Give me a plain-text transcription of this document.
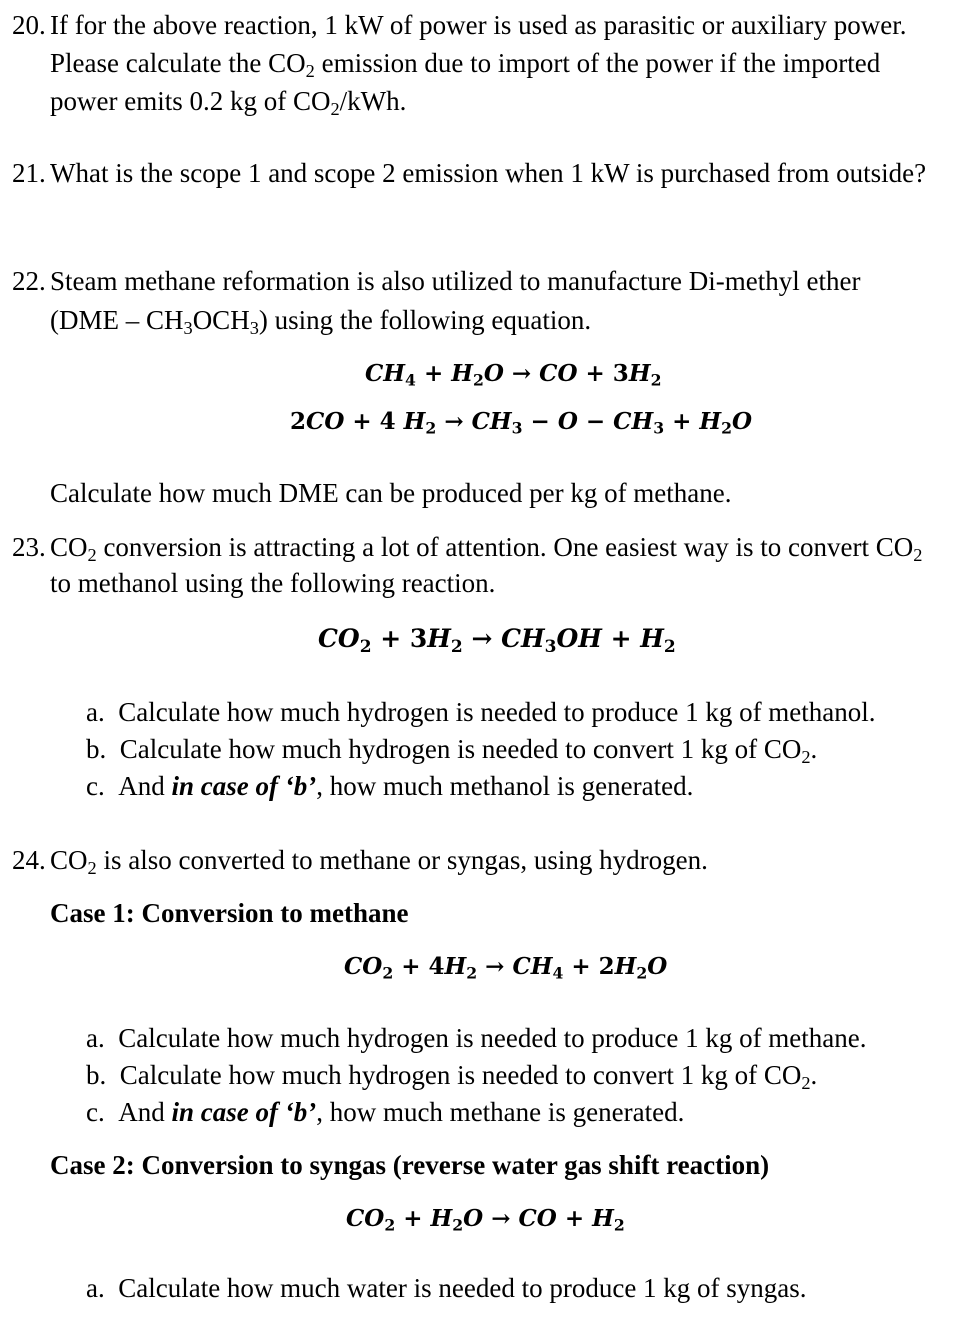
20. If for the above reaction, 1 kW of power is used as parasitic or auxiliary power.
Please calculate the $CO_2$ emission due to import of the power if the imported
power emits 0.2 kg of $CO_2$/kWh.
21. What is the scope 1 and scope 2 emission when 1 kW is purchased from outside?
22. Steam methane reformation is also utilized to manufacture Di-methyl ether
$(DME - CH_3OCH_3)$ using the following equation.
$CH_4 + H_2O$ → CO + $3H_2$
2CO + 4 $H_2 \to CH_3 - O - CH_3 + H_2O$
Calculate how much DME can be produced per kg of methane.
23. $CO_2$ conversion is attracting a lot of attention. One easiest way is to convert $CO_2$
to methanol using the following reaction.
$CO_2 + 3H_2 \to CH_3OH + H_2$
a. Calculate how much hydrogen is needed to produce 1 kg of methanol.
b. Calculate how much hydrogen is needed to convert 1 kg of $CO_2$.
c. And in case of ‘b’, how much methanol is generated.
24. $CO_2$ is also converted to methane or syngas, using hydrogen.
Case 1: Conversion to methane
$CO_2 + 4H_2 \to CH_4 + 2H_2O$
a. Calculate how much hydrogen is needed to produce 1 kg of methane.
b. Calculate how much hydrogen is needed to convert 1 kg of $CO_2$.
c. And in case of ‘b’, how much methane is generated.
Case 2: Conversion to syngas (reverse water gas shift reaction)
$CO_2 + H_2O$ → CO + $H_2$
a. Calculate how much water is needed to produce 1 kg of syngas.
